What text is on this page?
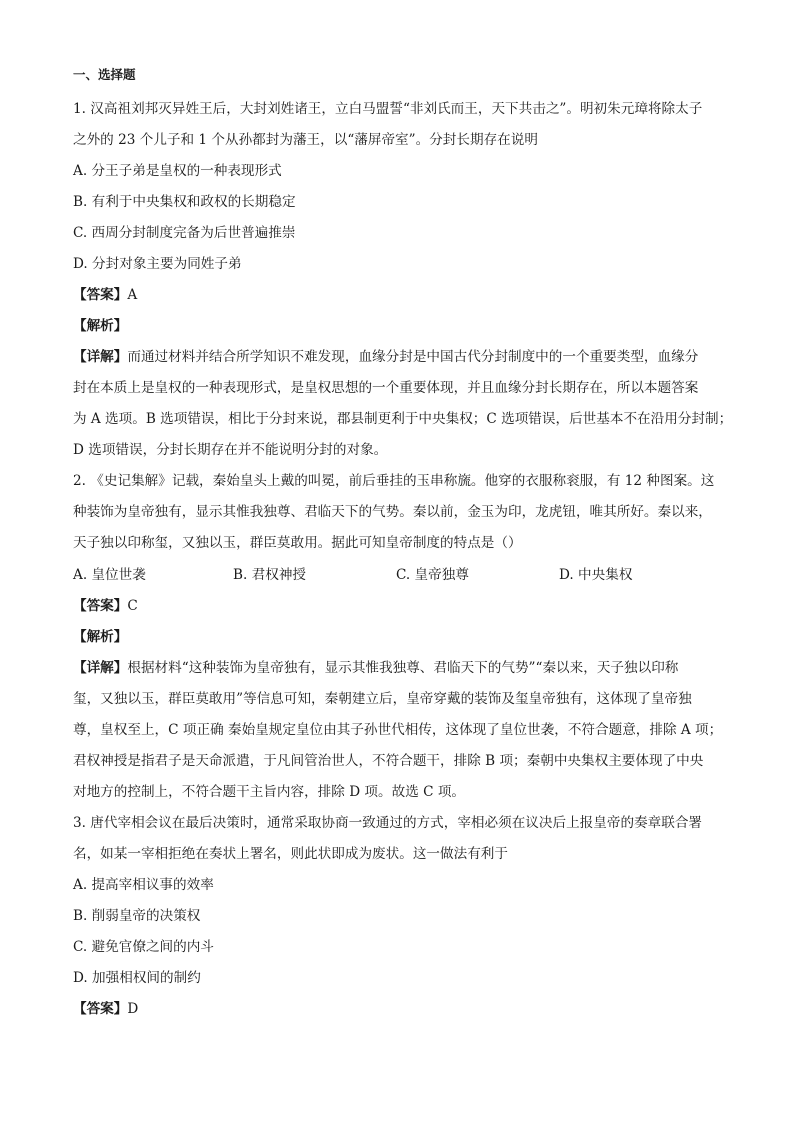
一、选择题
1. 汉高祖刘邦灭异姓王后，大封刘姓诸王，立白马盟誓“非刘氏而王，天下共击之”。明初朱元璋将除太子
之外的 23 个儿子和 1 个从孙都封为藩王，以“藩屏帝室”。分封长期存在说明
A. 分王子弟是皇权的一种表现形式
B. 有利于中央集权和政权的长期稳定
C. 西周分封制度完备为后世普遍推崇
D. 分封对象主要为同姓子弟
【答案】A
【解析】
【详解】而通过材料并结合所学知识不难发现，血缘分封是中国古代分封制度中的一个重要类型，血缘分
封在本质上是皇权的一种表现形式，是皇权思想的一个重要体现，并且血缘分封长期存在，所以本题答案
为 A 选项。B 选项错误，相比于分封来说，郡县制更利于中央集权；C 选项错误，后世基本不在沿用分封制；
D 选项错误，分封长期存在并不能说明分封的对象。
2. 《史记集解》记载，秦始皇头上戴的叫冕，前后垂挂的玉串称旒。他穿的衣服称衮服，有 12 种图案。这
种装饰为皇帝独有，显示其惟我独尊、君临天下的气势。秦以前，金玉为印，龙虎钮，唯其所好。秦以来，
天子独以印称玺，又独以玉，群臣莫敢用。据此可知皇帝制度的特点是（）
A. 皇位世袭	B. 君权神授	C. 皇帝独尊	D. 中央集权
【答案】C
【解析】
【详解】根据材料“这种装饰为皇帝独有，显示其惟我独尊、君临天下的气势”“秦以来，天子独以印称
玺，又独以玉，群臣莫敢用”等信息可知，秦朝建立后，皇帝穿戴的装饰及玺皇帝独有，这体现了皇帝独
尊，皇权至上，C 项正确 秦始皇规定皇位由其子孙世代相传，这体现了皇位世袭，不符合题意，排除 A 项；
君权神授是指君子是天命派遣，于凡间管治世人，不符合题干，排除 B 项；秦朝中央集权主要体现了中央
对地方的控制上，不符合题干主旨内容，排除 D 项。故选 C 项。
3. 唐代宰相会议在最后决策时，通常采取协商一致通过的方式，宰相必须在议决后上报皇帝的奏章联合署
名，如某一宰相拒绝在奏状上署名，则此状即成为废状。这一做法有利于
A. 提高宰相议事的效率
B. 削弱皇帝的决策权
C. 避免官僚之间的内斗
D. 加强相权间的制约
【答案】D
